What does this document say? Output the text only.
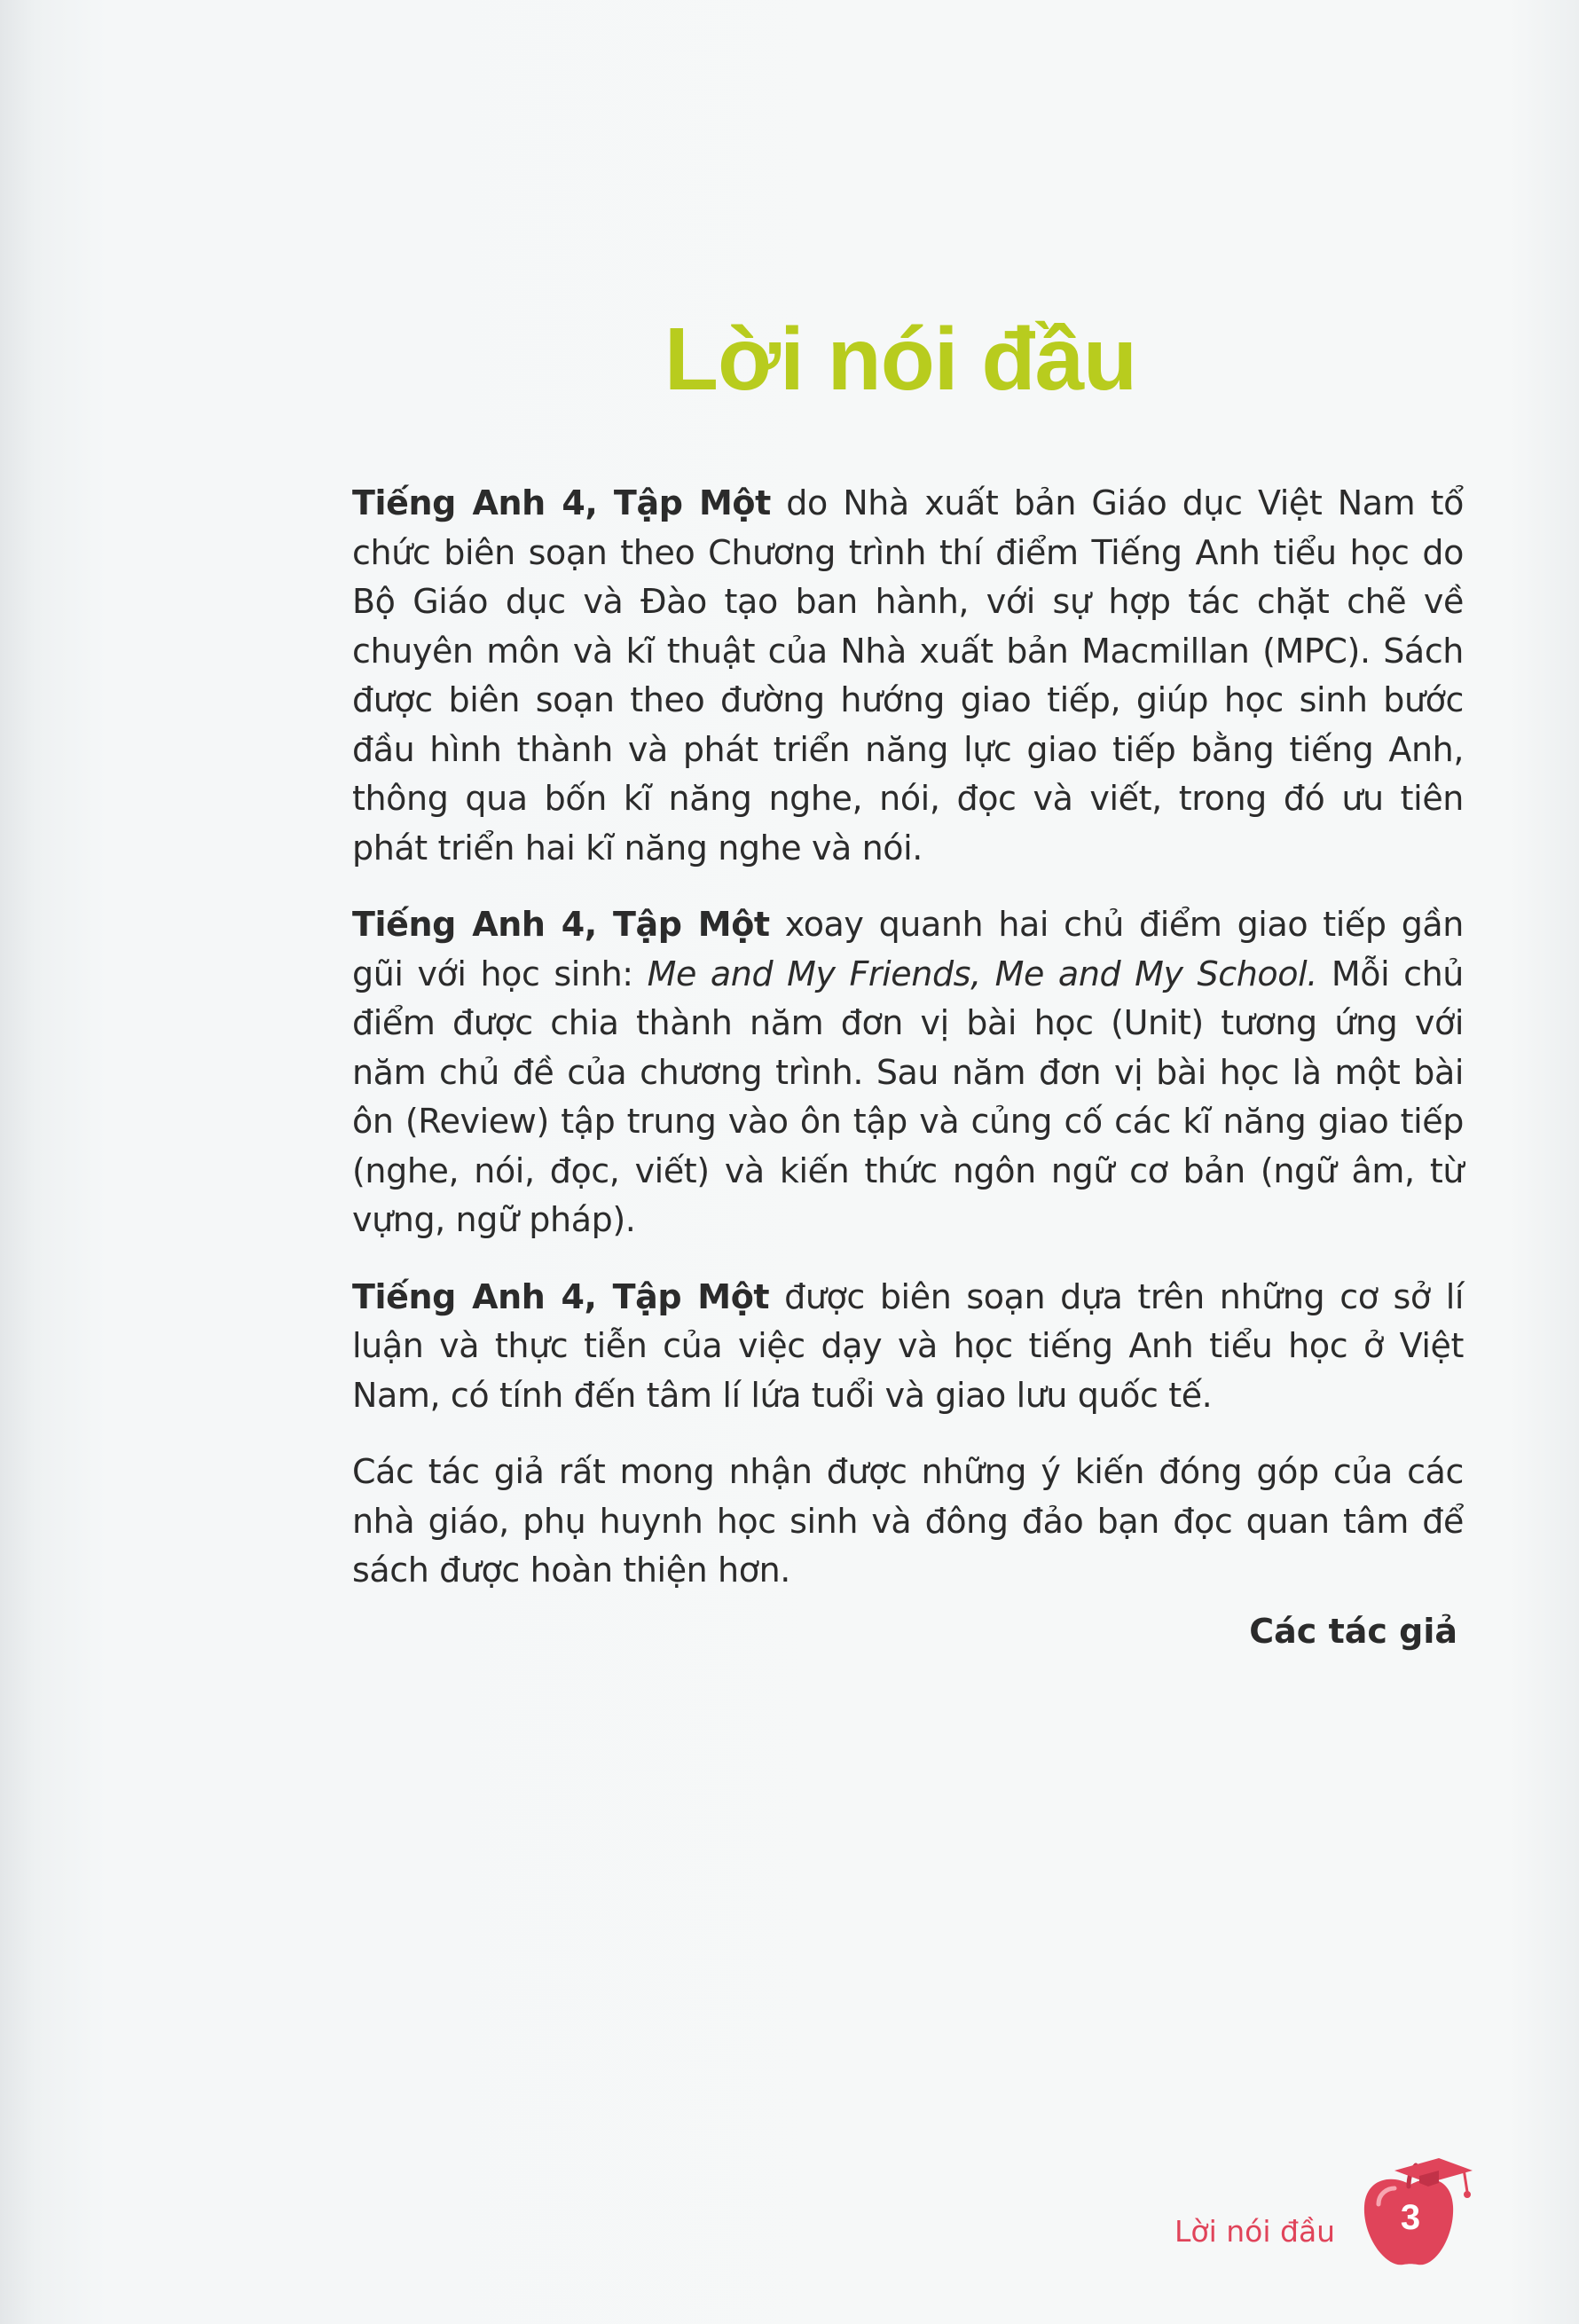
Lời nói đầu

Tiếng Anh 4, Tập Một do Nhà xuất bản Giáo dục Việt Nam tổ chức biên soạn theo Chương trình thí điểm Tiếng Anh tiểu học do Bộ Giáo dục và Đào tạo ban hành, với sự hợp tác chặt chẽ về chuyên môn và kĩ thuật của Nhà xuất bản Macmillan (MPC). Sách được biên soạn theo đường hướng giao tiếp, giúp học sinh bước đầu hình thành và phát triển năng lực giao tiếp bằng tiếng Anh, thông qua bốn kĩ năng nghe, nói, đọc và viết, trong đó ưu tiên phát triển hai kĩ năng nghe và nói.

Tiếng Anh 4, Tập Một xoay quanh hai chủ điểm giao tiếp gần gũi với học sinh: Me and My Friends, Me and My School. Mỗi chủ điểm được chia thành năm đơn vị bài học (Unit) tương ứng với năm chủ đề của chương trình. Sau năm đơn vị bài học là một bài ôn (Review) tập trung vào ôn tập và củng cố các kĩ năng giao tiếp (nghe, nói, đọc, viết) và kiến thức ngôn ngữ cơ bản (ngữ âm, từ vựng, ngữ pháp).

Tiếng Anh 4, Tập Một được biên soạn dựa trên những cơ sở lí luận và thực tiễn của việc dạy và học tiếng Anh tiểu học ở Việt Nam, có tính đến tâm lí lứa tuổi và giao lưu quốc tế.

Các tác giả rất mong nhận được những ý kiến đóng góp của các nhà giáo, phụ huynh học sinh và đông đảo bạn đọc quan tâm để sách được hoàn thiện hơn.

Các tác giả
Lời nói đầu	3
